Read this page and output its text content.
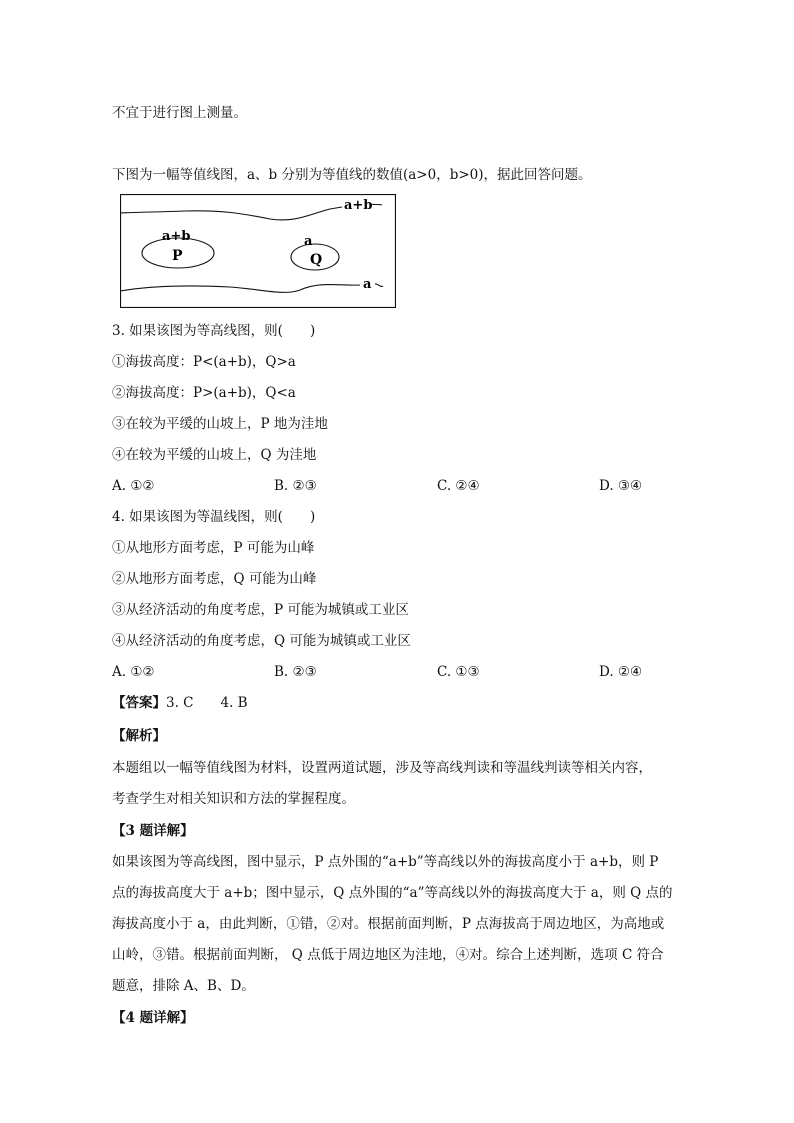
不宜于进行图上测量。
下图为一幅等值线图，a、b 分别为等值线的数值(a>0，b>0)，据此回答问题。
a+b
a
a+b
P
a
Q
3. 如果该图为等高线图，则(　　)
①海拔高度：P<(a+b)，Q>a
②海拔高度：P>(a+b)，Q<a
③在较为平缓的山坡上，P 地为洼地
④在较为平缓的山坡上，Q 为洼地
A. ①②	B. ②③	C. ②④	D. ③④
4. 如果该图为等温线图，则(　　)
①从地形方面考虑，P 可能为山峰
②从地形方面考虑，Q 可能为山峰
③从经济活动的角度考虑，P 可能为城镇或工业区
④从经济活动的角度考虑，Q 可能为城镇或工业区
A. ①②	B. ②③	C. ①③	D. ②④
【答案】3. C　　4. B
【解析】
本题组以一幅等值线图为材料，设置两道试题，涉及等高线判读和等温线判读等相关内容，
考查学生对相关知识和方法的掌握程度。
【3 题详解】
如果该图为等高线图，图中显示，P 点外围的“a+b”等高线以外的海拔高度小于 a+b，则 P
点的海拔高度大于 a+b；图中显示，Q 点外围的“a”等高线以外的海拔高度大于 a，则 Q 点的
海拔高度小于 a，由此判断，①错，②对。根据前面判断，P 点海拔高于周边地区，为高地或
山岭，③错。根据前面判断， Q 点低于周边地区为洼地，④对。综合上述判断，选项 C 符合
题意，排除 A、B、D。
【4 题详解】
